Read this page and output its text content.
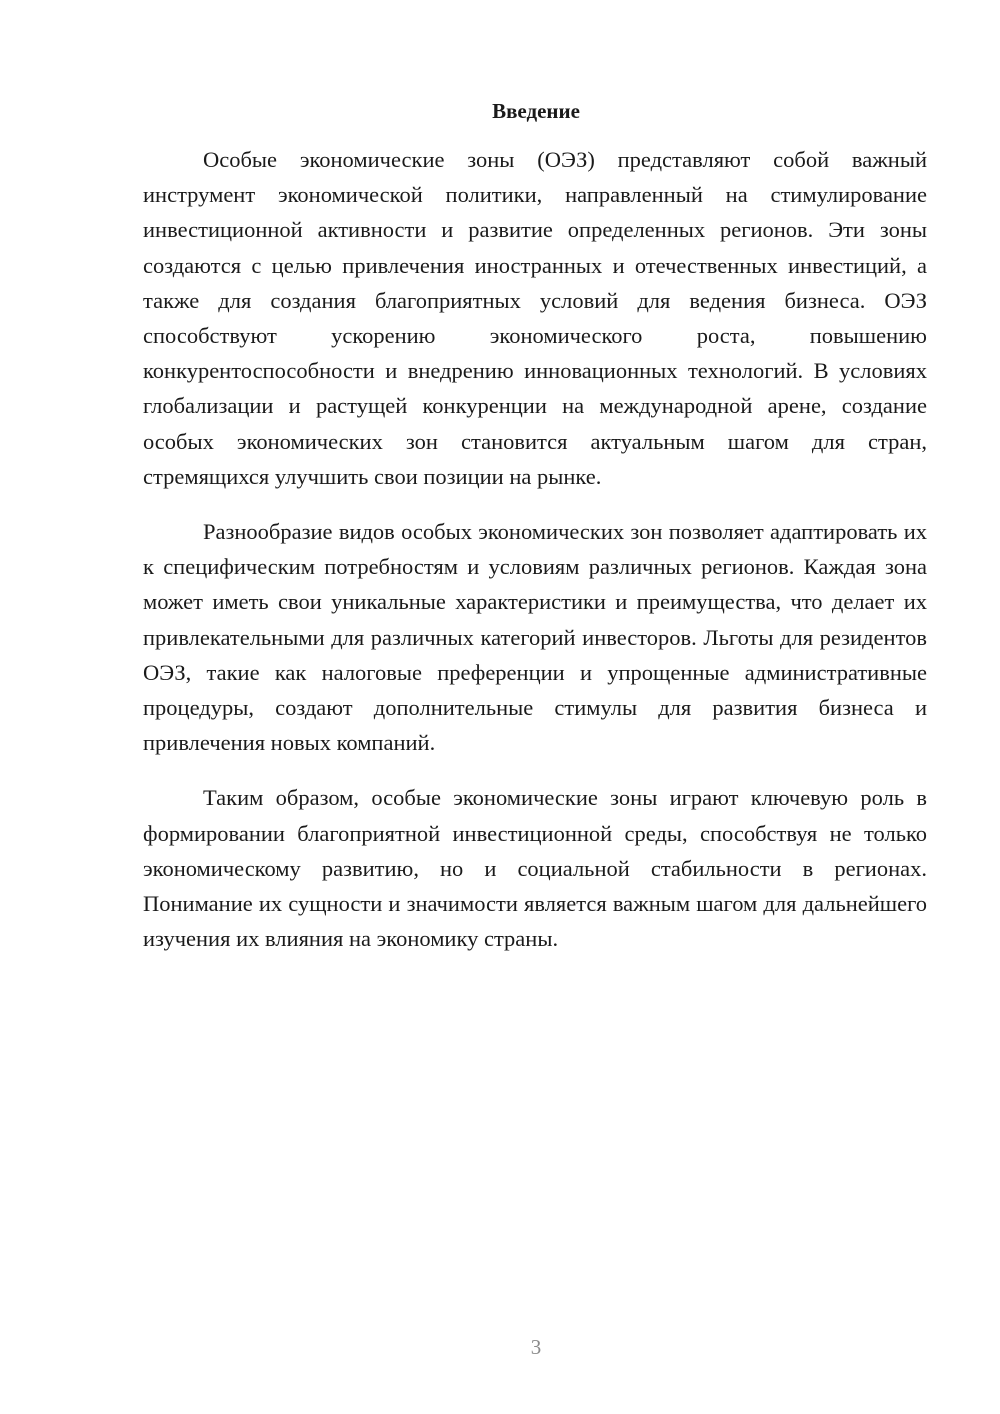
Введение

Особые экономические зоны (ОЭЗ) представляют собой важный инструмент экономической политики, направленный на стимулирование инвестиционной активности и развитие определенных регионов. Эти зоны создаются с целью привлечения иностранных и отечественных инвестиций, а также для создания благоприятных условий для ведения бизнеса. ОЭЗ способствуют ускорению экономического роста, повышению конкурентоспособности и внедрению инновационных технологий. В условиях глобализации и растущей конкуренции на международной арене, создание особых экономических зон становится актуальным шагом для стран, стремящихся улучшить свои позиции на рынке.

Разнообразие видов особых экономических зон позволяет адаптировать их к специфическим потребностям и условиям различных регионов. Каждая зона может иметь свои уникальные характеристики и преимущества, что делает их привлекательными для различных категорий инвесторов. Льготы для резидентов ОЭЗ, такие как налоговые преференции и упрощенные административные процедуры, создают дополнительные стимулы для развития бизнеса и привлечения новых компаний.

Таким образом, особые экономические зоны играют ключевую роль в формировании благоприятной инвестиционной среды, способствуя не только экономическому развитию, но и социальной стабильности в регионах. Понимание их сущности и значимости является важным шагом для дальнейшего изучения их влияния на экономику страны.

3
